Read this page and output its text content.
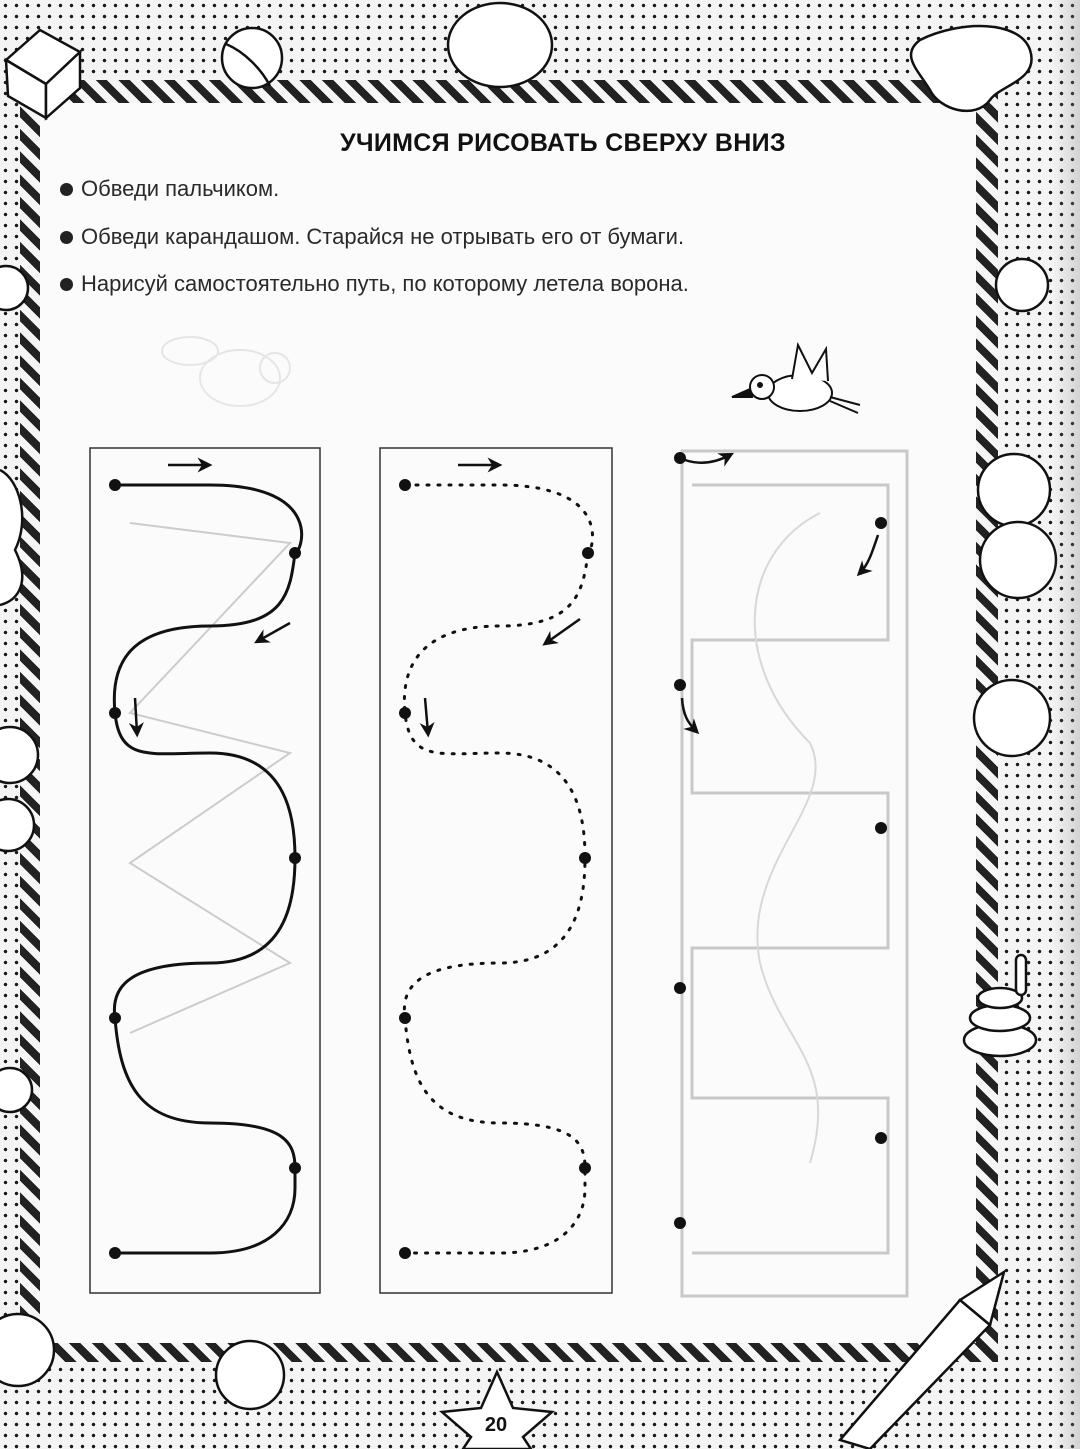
УЧИМСЯ РИСОВАТЬ СВЕРХУ ВНИЗ
Обведи пальчиком.
Обведи карандашом. Старайся не отрывать его от бумаги.
Нарисуй самостоятельно путь, по которому летела ворона.
20
